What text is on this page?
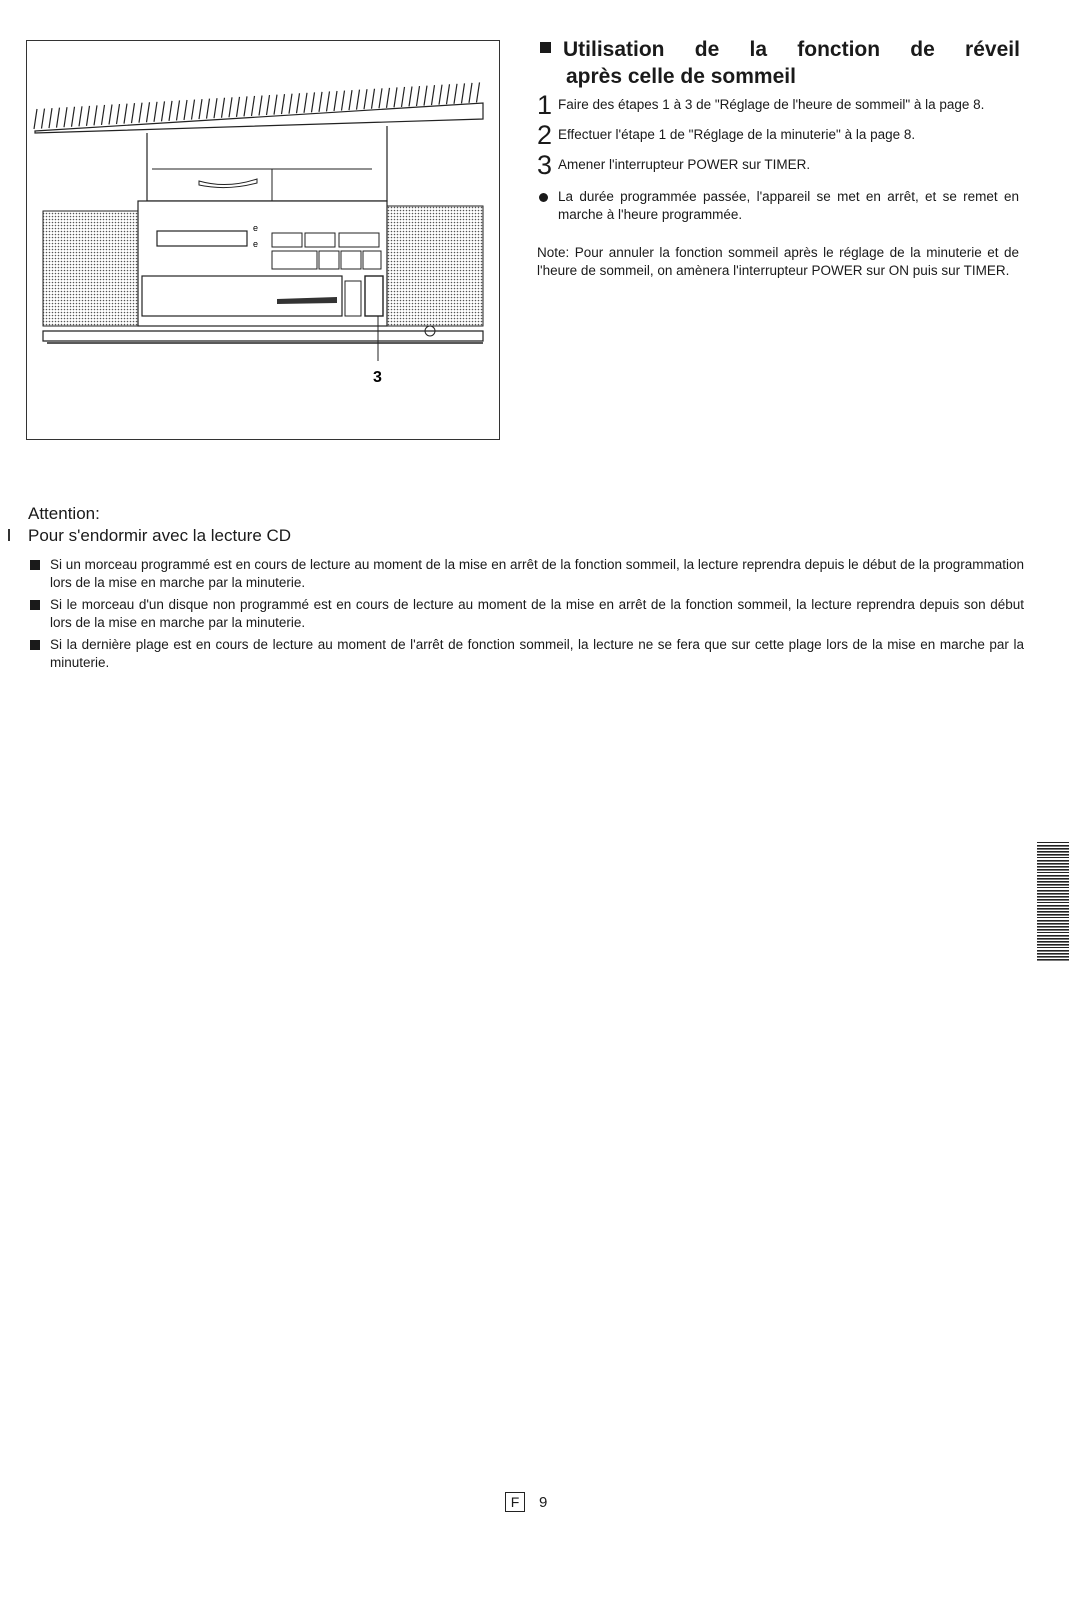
e
e
3
Utilisation de la fonction de réveil
après celle de sommeil
1 Faire des étapes 1 à 3 de "Réglage de l'heure de sommeil" à la page 8.
2 Effectuer l'étape 1 de "Réglage de la minuterie" à la page 8.
3 Amener l'interrupteur POWER sur TIMER.
La durée programmée passée, l'appareil se met en arrêt, et se remet en marche à l'heure programmée.
Note: Pour annuler la fonction sommeil après le réglage de la minuterie et de l'heure de sommeil, on amènera l'interrupteur POWER sur ON puis sur TIMER.
Attention:
Pour s'endormir avec la lecture CD
Si un morceau programmé est en cours de lecture au moment de la mise en arrêt de la fonction sommeil, la lecture reprendra depuis le début de la programmation lors de la mise en marche par la minuterie.
Si le morceau d'un disque non programmé est en cours de lecture au moment de la mise en arrêt de la fonction sommeil, la lecture reprendra depuis son début lors de la mise en marche par la minuterie.
Si la dernière plage est en cours de lecture au moment de l'arrêt de fonction sommeil, la lecture ne se fera que sur cette plage lors de la mise en marche par la minuterie.
F	9
